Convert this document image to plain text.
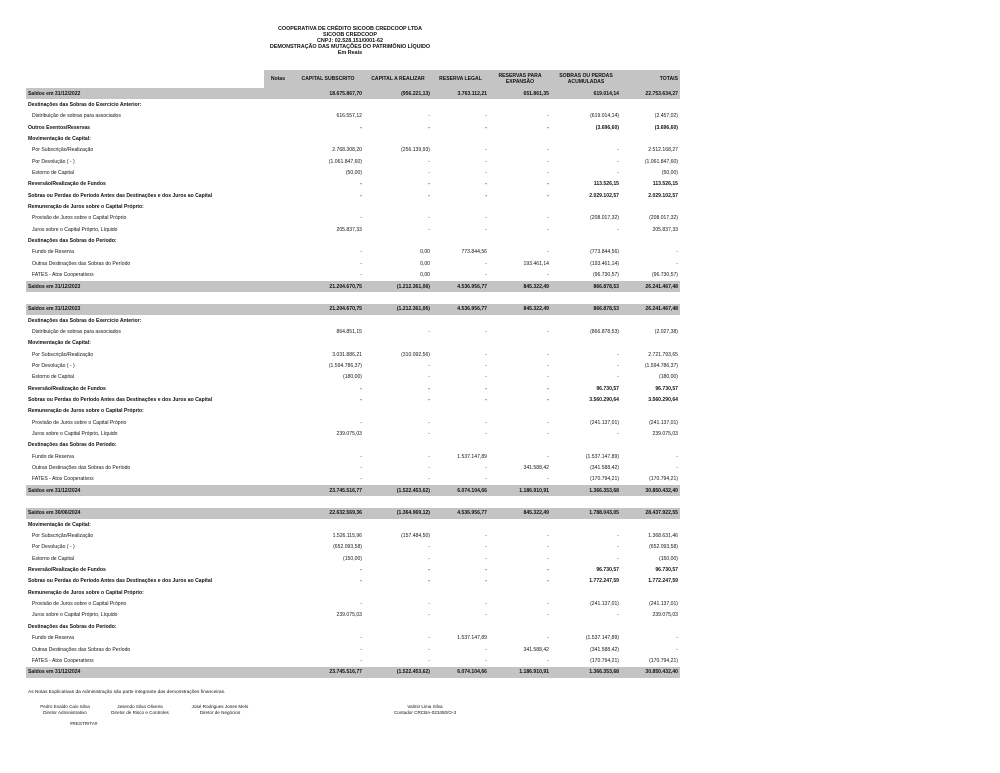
COOPERATIVA DE CRÉDITO SICOOB CREDCOOP LTDA
SICOOB CREDCOOP
CNPJ: 02.528.151/0001-62
DEMONSTRAÇÃO DAS MUTAÇÕES DO PATRIMÔNIO LÍQUIDO
Em Reais
	Notas	CAPITAL SUBSCRITO	CAPITAL A REALIZAR	RESERVA LEGAL	RESERVAS PARA EXPANSÃO	SOBRAS OU PERDAS ACUMULADAS	TOTAIS
Saldos em 31/12/2022		18.675.867,70	(956.221,13)	3.763.112,21	651.861,35	619.014,14	22.753.634,27
Destinações das Sobras do Exercício Anterior:							
Distribuição de sobras para associados		616.557,12	-	-	-	(619.014,14)	(2.457,02)
Outros Eventos/Reservas		-	-	-	-	(3.696,60)	(3.696,60)
Movimentação de Capital:							
Por Subscrição/Realização		2.768.308,20	(256.139,93)	-	-	-	2.512.168,27
Por Devolução ( - )		(1.061.847,60)	-	-	-	-	(1.061.847,60)
Estorno de Capital		(50,00)	-	-	-	-	(50,00)
Reversão/Realização de Fundos		-	-	-	-	113.526,15	113.526,15
Sobras ou Perdas do Período Antes das Destinações e dos Juros ao Capital		-	-	-	-	2.029.102,57	2.029.102,57
Remuneração de Juros sobre o Capital Próprio:							
Provisão de Juros sobre o Capital Próprio		-	-	-	-	(208.017,32)	(208.017,32)
Juros sobre o Capital Próprio, Líquido		205.837,33	-	-	-	-	205.837,33
Destinações das Sobras do Período:							
Fundo de Reserva		-	0,00	773.844,56	-	(773.844,56)	-
Outras Destinações das Sobras do Período		-	0,00	-	193.461,14	(193.461,14)	-
FATES - Atos Cooperativos		-	0,00	-	-	(96.730,57)	(96.730,57)
Saldos em 31/12/2023		21.204.670,75	(1.212.361,06)	4.536.956,77	845.322,49	866.878,53	26.241.467,48

Saldos em 31/12/2023		21.204.670,75	(1.212.361,06)	4.536.956,77	845.322,49	866.878,53	26.241.467,48
Destinações das Sobras do Exercício Anterior:							
Distribuição de sobras para associados		864.851,15	-	-	-	(866.878,53)	(2.027,38)
Movimentação de Capital:							
Por Subscrição/Realização		3.031.886,21	(310.092,56)	-	-	-	2.721.793,65
Por Devolução ( - )		(1.594.786,37)	-	-	-	-	(1.594.786,37)
Estorno de Capital		(180,00)	-	-	-	-	(180,00)
Reversão/Realização de Fundos		-	-	-	-	96.730,57	96.730,57
Sobras ou Perdas do Período Antes das Destinações e dos Juros ao Capital		-	-	-	-	3.560.290,64	3.560.290,64
Remuneração de Juros sobre o Capital Próprio:							
Provisão de Juros sobre o Capital Próprio		-	-	-	-	(241.137,01)	(241.137,01)
Juros sobre o Capital Próprio, Líquido		239.075,03	-	-	-	-	239.075,03
Destinações das Sobras do Período:							
Fundo de Reserva		-	-	1.537.147,89	-	(1.537.147,89)	-
Outras Destinações das Sobras do Período		-	-	-	341.588,42	(341.588,42)	-
FATES - Atos Cooperativos		-	-	-	-	(170.794,21)	(170.794,21)
Saldos em 31/12/2024		23.745.516,77	(1.522.453,62)	6.074.104,66	1.186.910,91	1.366.353,68	30.850.432,40

Saldos em 30/06/2024		22.632.569,36	(1.364.969,12)	4.536.956,77	845.322,49	1.788.043,05	28.437.922,55
Movimentação de Capital:							
Por Subscrição/Realização		1.526.115,96	(157.484,50)	-	-	-	1.368.631,46
Por Devolução ( - )		(652.093,58)	-	-	-	-	(652.093,58)
Estorno de Capital		(150,00)	-	-	-	-	(150,00)
Reversão/Realização de Fundos		-	-	-	-	96.730,57	96.730,57
Sobras ou Perdas do Período Antes das Destinações e dos Juros ao Capital		-	-	-	-	1.772.247,59	1.772.247,59
Remuneração de Juros sobre o Capital Próprio:							
Provisão de Juros sobre o Capital Próprio		-	-	-	-	(241.137,01)	(241.137,01)
Juros sobre o Capital Próprio, Líquido		239.075,03	-	-	-	-	239.075,03
Destinações das Sobras do Período:							
Fundo de Reserva		-	-	1.537.147,89	-	(1.537.147,89)	-
Outras Destinações das Sobras do Período		-	-	-	341.588,42	(341.588,42)	-
FATES - Atos Cooperativos		-	-	-	-	(170.794,21)	(170.794,21)
Saldos em 31/12/2024		23.745.516,77	(1.522.453,62)	6.074.104,66	1.186.910,91	1.366.353,68	30.850.432,40
As Notas Explicativas da Administração são parte integrante das demonstrações financeiras.
Pedro Evaldo Caio Silva
Diretor Administrativo
Jesendo Silva Oliveira
Diretor de Risco e Controles
José Rodrigues Jones Melo
Diretor de Negócios
Valmir Lima Silva
Contador CRCBA-023450/O-3
#RESTRITA#
